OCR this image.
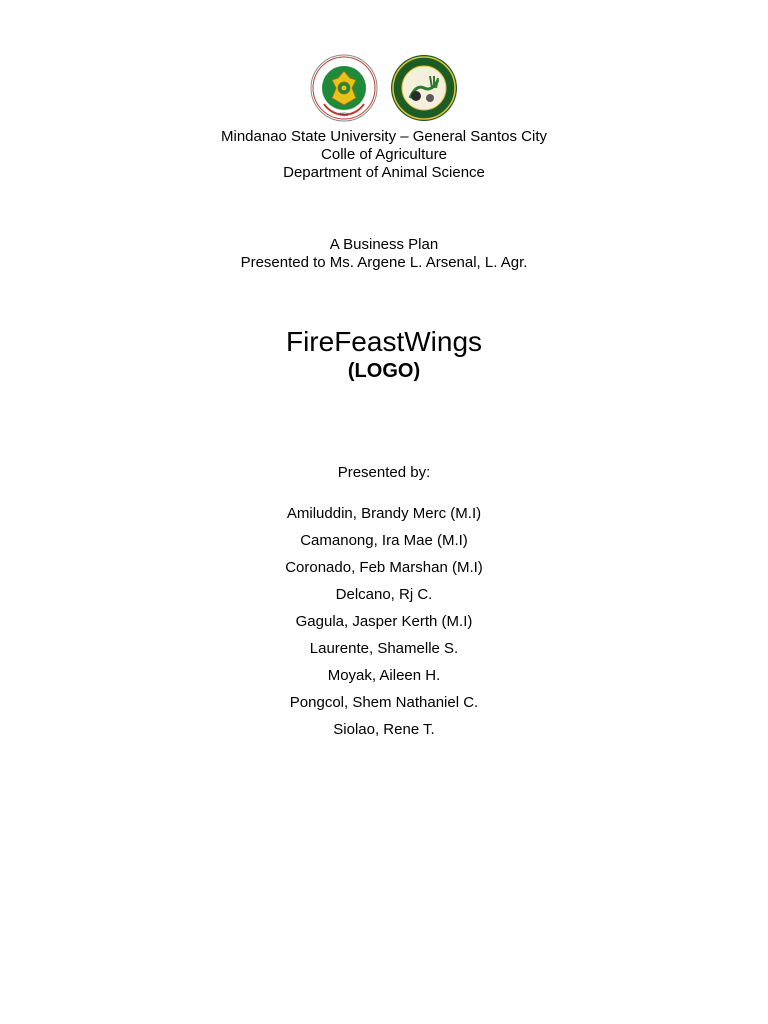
MSU
Mindanao State University – General Santos City
Colle of Agriculture
Department of Animal Science
A Business Plan
Presented to Ms. Argene L. Arsenal, L. Agr.
FireFeastWings
(LOGO)
Presented by:
Amiluddin, Brandy Merc (M.I)
Camanong, Ira Mae (M.I)
Coronado, Feb Marshan (M.I)
Delcano, Rj C.
Gagula, Jasper Kerth (M.I)
Laurente, Shamelle S.
Moyak, Aileen H.
Pongcol, Shem Nathaniel C.
Siolao, Rene T.
